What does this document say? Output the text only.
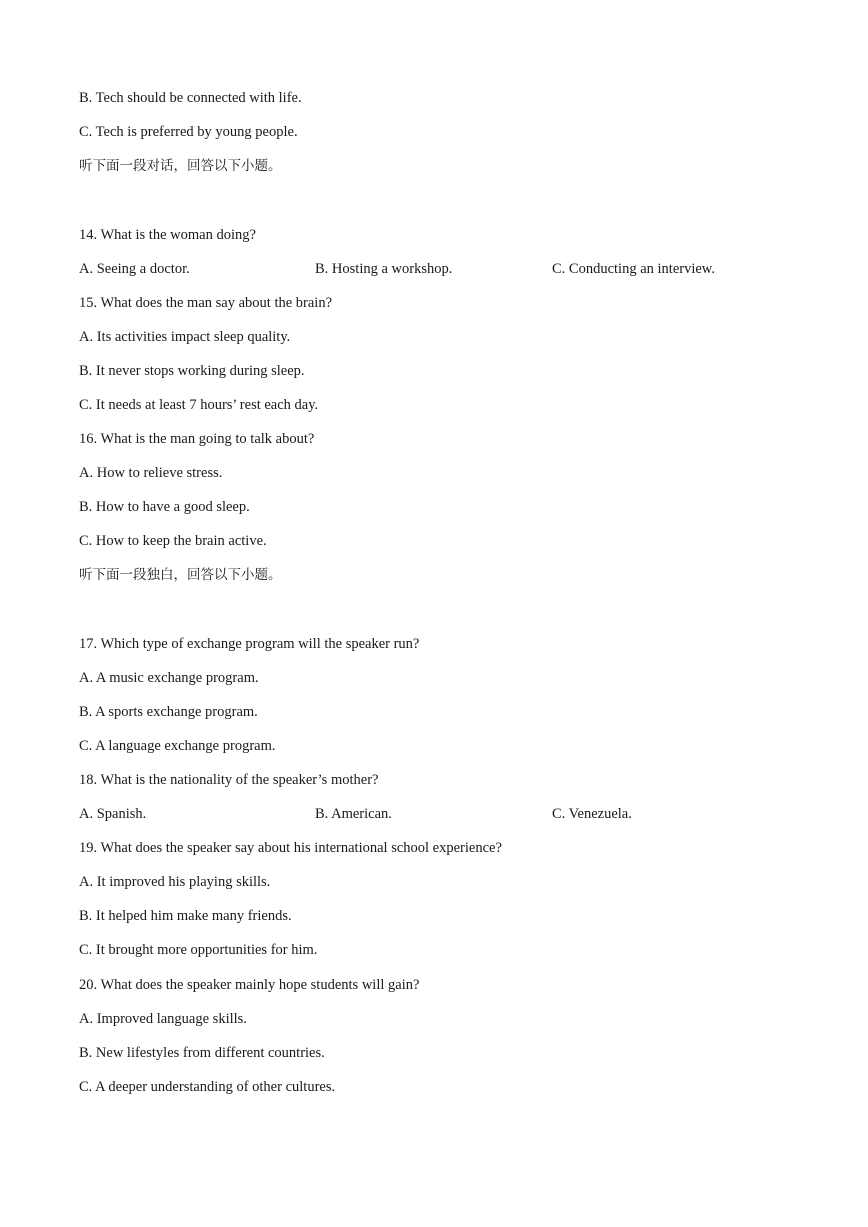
B. Tech should be connected with life.
C. Tech is preferred by young people.
听下面一段对话，回答以下小题。
14. What is the woman doing?
A. Seeing a doctor.	B. Hosting a workshop.	C. Conducting an interview.
15. What does the man say about the brain?
A. Its activities impact sleep quality.
B. It never stops working during sleep.
C. It needs at least 7 hours’ rest each day.
16. What is the man going to talk about?
A. How to relieve stress.
B. How to have a good sleep.
C. How to keep the brain active.
听下面一段独白，回答以下小题。
17. Which type of exchange program will the speaker run?
A. A music exchange program.
B. A sports exchange program.
C. A language exchange program.
18. What is the nationality of the speaker’s mother?
A. Spanish.	B. American.	C. Venezuela.
19. What does the speaker say about his international school experience?
A. It improved his playing skills.
B. It helped him make many friends.
C. It brought more opportunities for him.
20. What does the speaker mainly hope students will gain?
A. Improved language skills.
B. New lifestyles from different countries.
C. A deeper understanding of other cultures.
